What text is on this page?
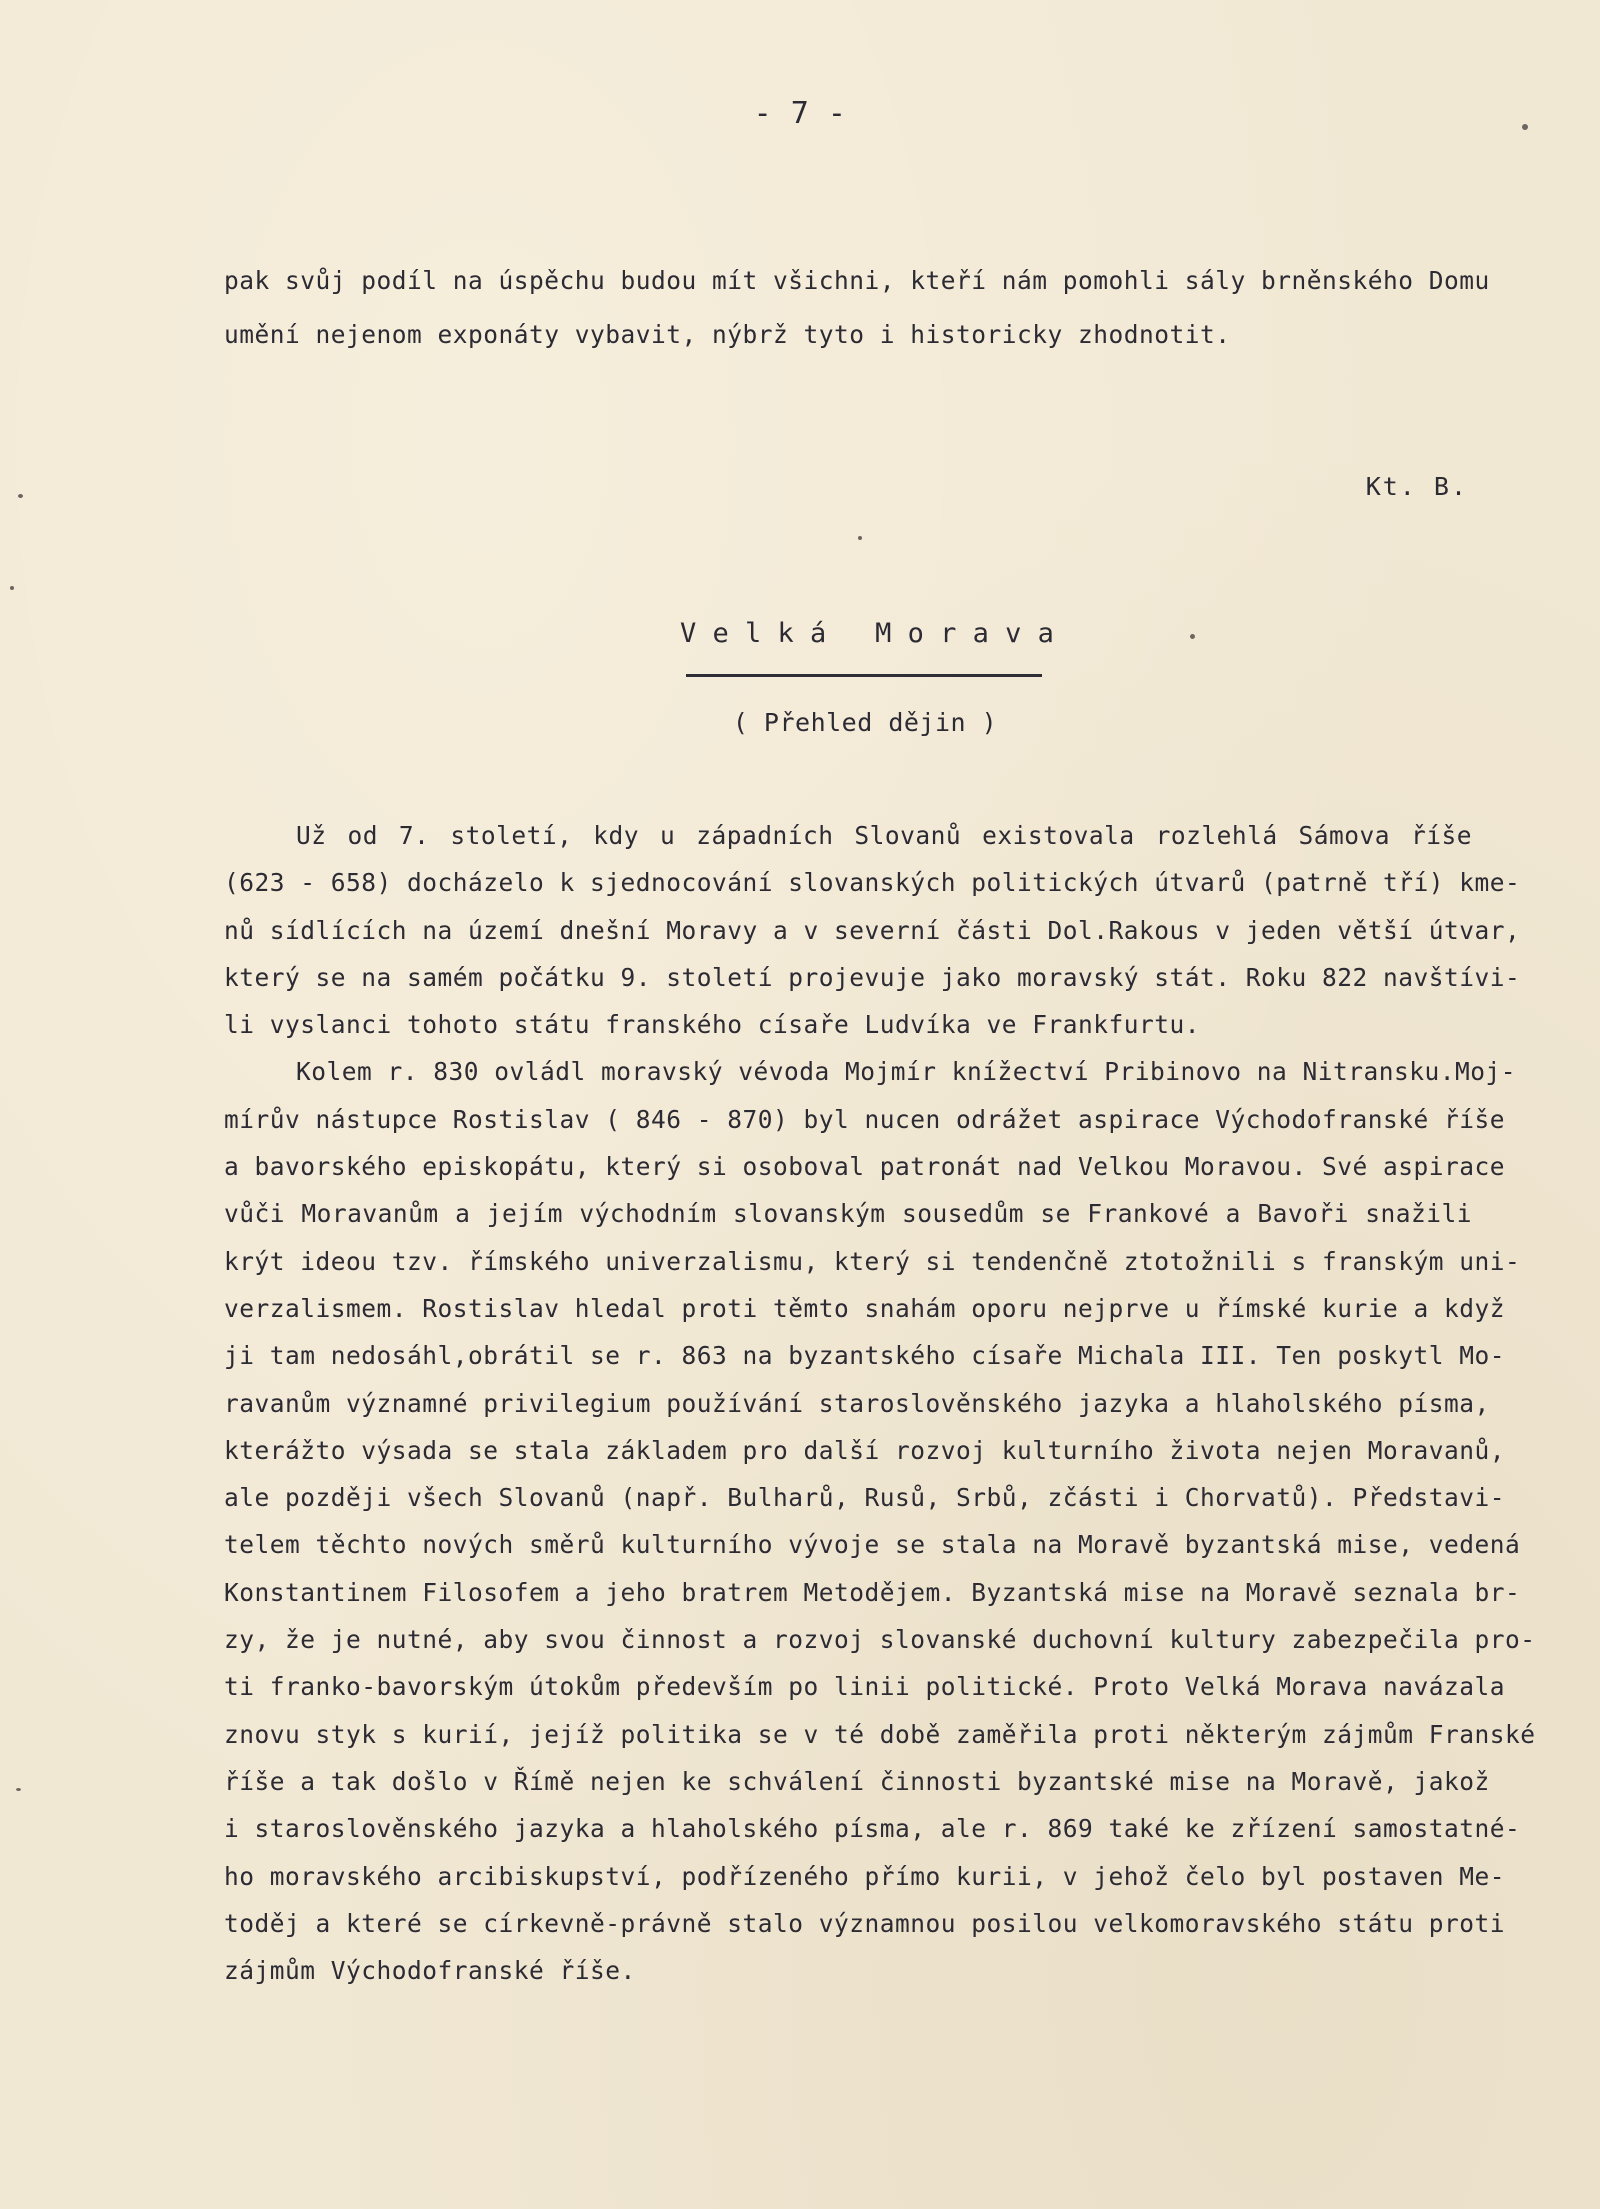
- 7 -

pak svůj podíl na úspěchu budou mít všichni, kteří nám pomohli sály brněnského Domu

umění nejenom exponáty vybavit, nýbrž tyto i historicky zhodnotit.

Kt. B.
V e l k á   M o r a v a
( Přehled dějin )
Už od 7. století, kdy u západních Slovanů existovala rozlehlá Sámova říše
(623 - 658) docházelo k sjednocování slovanských politických útvarů (patrně tří) kme-
nů sídlících na území dnešní Moravy a v severní části Dol.Rakous v jeden větší útvar,
který se na samém počátku 9. století projevuje jako moravský stát. Roku 822 navštívi-
li vyslanci tohoto státu franského císaře Ludvíka ve Frankfurtu.
Kolem r. 830 ovládl moravský vévoda Mojmír knížectví Pribinovo na Nitransku.Moj-
mírův nástupce Rostislav ( 846 - 870) byl nucen odrážet aspirace Východofranské říše
a bavorského episkopátu, který si osoboval patronát nad Velkou Moravou. Své aspirace
vůči Moravanům a jejím východním slovanským sousedům se Frankové a Bavoři snažili
krýt ideou tzv. římského univerzalismu, který si tendenčně ztotožnili s franským uni-
verzalismem. Rostislav hledal proti těmto snahám oporu nejprve u římské kurie a když
ji tam nedosáhl,obrátil se r. 863 na byzantského císaře Michala III. Ten poskytl Mo-
ravanům významné privilegium používání staroslověnského jazyka a hlaholského písma,
kterážto výsada se stala základem pro další rozvoj kulturního života nejen Moravanů,
ale později všech Slovanů (např. Bulharů, Rusů, Srbů, zčásti i Chorvatů). Představi-
telem těchto nových směrů kulturního vývoje se stala na Moravě byzantská mise, vedená
Konstantinem Filosofem a jeho bratrem Metodějem. Byzantská mise na Moravě seznala br-
zy, že je nutné, aby svou činnost a rozvoj slovanské duchovní kultury zabezpečila pro-
ti franko-bavorským útokům především po linii politické. Proto Velká Morava navázala
znovu styk s kurií, jejíž politika se v té době zaměřila proti některým zájmům Franské
říše a tak došlo v Římě nejen ke schválení činnosti byzantské mise na Moravě, jakož
i staroslověnského jazyka a hlaholského písma, ale r. 869 také ke zřízení samostatné-
ho moravského arcibiskupství, podřízeného přímo kurii, v jehož čelo byl postaven Me-
toděj a které se církevně-právně stalo významnou posilou velkomoravského státu proti
zájmům Východofranské říše.
